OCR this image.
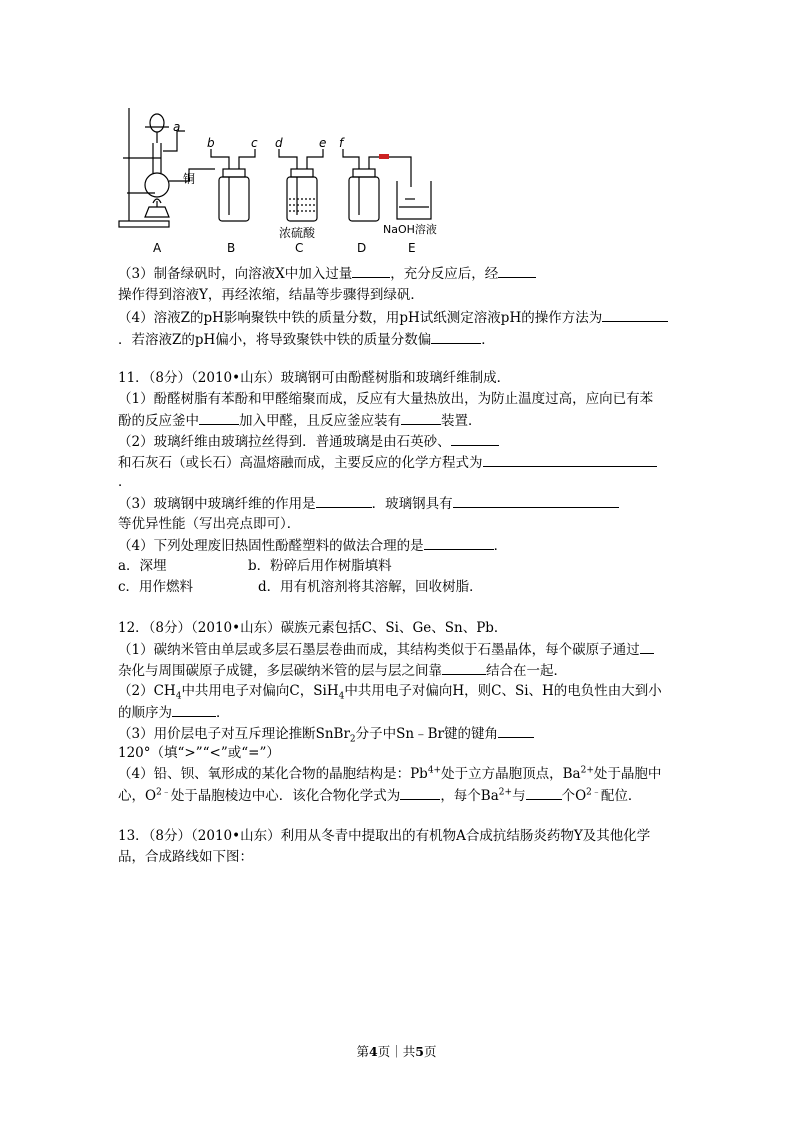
a
b	c d	e f
铜
浓硫酸	NaOH溶液
A	B	C	D	E
（3）制备绿矾时，向溶液X中加入过量	，充分反应后，经
操作得到溶液Y，再经浓缩，结晶等步骤得到绿矾．
（4）溶液Z的pH影响聚铁中铁的质量分数，用pH试纸测定溶液pH的操作方法为
．若溶液Z的pH偏小，将导致聚铁中铁的质量分数偏	．
11．（8分）（2010•山东）玻璃钢可由酚醛树脂和玻璃纤维制成．
（1）酚醛树脂有苯酚和甲醛缩聚而成，反应有大量热放出，为防止温度过高，应向已有苯
酚的反应釜中	加入甲醛，且反应釜应装有	装置．
（2）玻璃纤维由玻璃拉丝得到．普通玻璃是由石英砂、
和石灰石（或长石）高温熔融而成，主要反应的化学方程式为
．
（3）玻璃钢中玻璃纤维的作用是	．玻璃钢具有
等优异性能（写出亮点即可）．
（4）下列处理废旧热固性酚醛塑料的做法合理的是	．
a．深埋	b．粉碎后用作树脂填料
c．用作燃料	d．用有机溶剂将其溶解，回收树脂．
12．（8分）（2010•山东）碳族元素包括C、Si、Ge、Sn、Pb．
（1）碳纳米管由单层或多层石墨层卷曲而成，其结构类似于石墨晶体，每个碳原子通过
杂化与周围碳原子成键，多层碳纳米管的层与层之间靠	结合在一起．
$(2)CH_4$中共用电子对偏向C，SiH$_4$中共用电子对偏向H，则C、Si、H的电负性由大到小
的顺序为	．
（3）用价层电子对互斥理论推断SnBr$_2$分子中Sn﹣Br键的键角
120°（填“>”“<”或“=”）
（4）铅、钡、氧形成的某化合物的晶胞结构是：$Pb^{4+}$处于立方晶胞顶点，$Ba^{2+}$处于晶胞中
心，$O^{2﹣}$处于晶胞棱边中心．该化合物化学式为	，每个$Ba^{2+}$与	个$O^{2﹣}$配位．
13．（8分）（2010•山东）利用从冬青中提取出的有机物A合成抗结肠炎药物Y及其他化学
品，合成路线如下图：
第4页｜共5页
